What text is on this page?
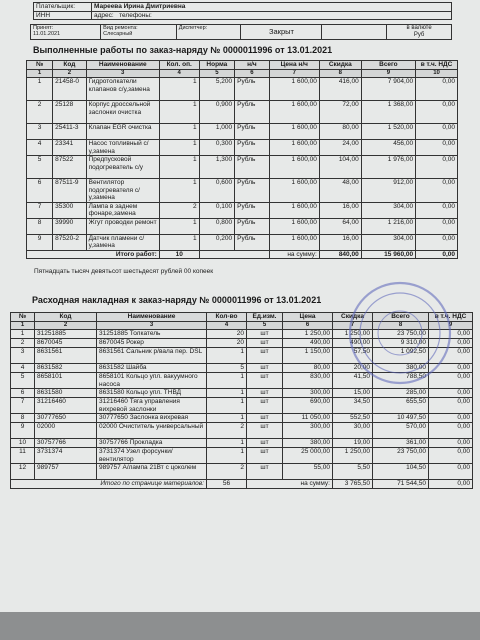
Плательщик:	Мареева Ирина Дмитриевна
ИНН	адрес: телефоны:
Принят:
11.01.2021	Вид ремонта:
Слесарный	Диспетчер:	Закрыт		в валюте
Руб
Выполненные работы по заказ-наряду № 0000011996 от 13.01.2021
№	Код	Наименование	Кол. оп.	Норма	н/ч	Цена н/ч	Скидка	Всего	в т.ч. НДС
1	2	3	4	5	6	7	8	9	10
1	21458-0	Гидротолкатели клапанов с/у,замена	1	5,200	Рубль	1 600,00	416,00	7 904,00	0,00
2	25128	Корпус дроссельной заслонки очистка	1	0,900	Рубль	1 600,00	72,00	1 368,00	0,00
3	25411-3	Клапан EGR очистка	1	1,000	Рубль	1 600,00	80,00	1 520,00	0,00
4	23341	Насос топливный с/у,замена	1	0,300	Рубль	1 600,00	24,00	456,00	0,00
5	87522	Предпусковой подогреватель с/у	1	1,300	Рубль	1 600,00	104,00	1 976,00	0,00
6	87511-9	Вентилятор подогревателя с/у,замена	1	0,600	Рубль	1 600,00	48,00	912,00	0,00
7	35300	Лампа в заднем фонаре,замена	2	0,100	Рубль	1 600,00	16,00	304,00	0,00
8	39990	Жгут проводки ремонт	1	0,800	Рубль	1 600,00	64,00	1 216,00	0,00
9	87520-2	Датчик пламени с/у,замена	1	0,200	Рубль	1 600,00	16,00	304,00	0,00
Итого работ:			10			на сумму:	840,00	15 960,00	0,00
Пятнадцать тысяч девятьсот шестьдесят рублей 00 копеек
Расходная накладная к заказ-наряду № 0000011996 от 13.01.2021
№	Код	Наименование	Кол-во	Ед.изм.	Цена	Скидка	Всего	в т.ч. НДС
1	2	3	4	5	6	7	8	9
1	31251885	31251885 Толкатель	20	шт	1 250,00	1 250,00	23 750,00	0,00
2	8670045	8670045 Рокер	20	шт	490,00	490,00	9 310,00	0,00
3	8631561	8631561 Сальник р/вала пер. DSL	1	шт	1 150,00	57,50	1 092,50	0,00
4	8631582	8631582 Шайба	5	шт	80,00	20,00	380,00	0,00
5	8658101	8658101 Кольцо упл. вакуумного насоса	1	шт	830,00	41,50	788,50	0,00
6	8631580	8631580 Кольцо упл. ТНВД	1	шт	300,00	15,00	285,00	0,00
7	31216460	31216460 Тяга управления вихревой заслонки	1	шт	690,00	34,50	655,50	0,00
8	30777650	30777650 Заслонка вихревая	1	шт	11 050,00	552,50	10 497,50	0,00
9	02000	02000 Очиститель универсальный	2	шт	300,00	30,00	570,00	0,00
10	30757766	30757766 Прокладка	1	шт	380,00	19,00	361,00	0,00
11	3731374	3731374 Узел форсунки/вентилятор	1	шт	25 000,00	1 250,00	23 750,00	0,00
12	989757	989757 А/лампа 21Вт с цоколем	2	шт	55,00	5,50	104,50	0,00
Итого по странице материалов:			56	на сумму:		3 765,50	71 544,50	0,00
